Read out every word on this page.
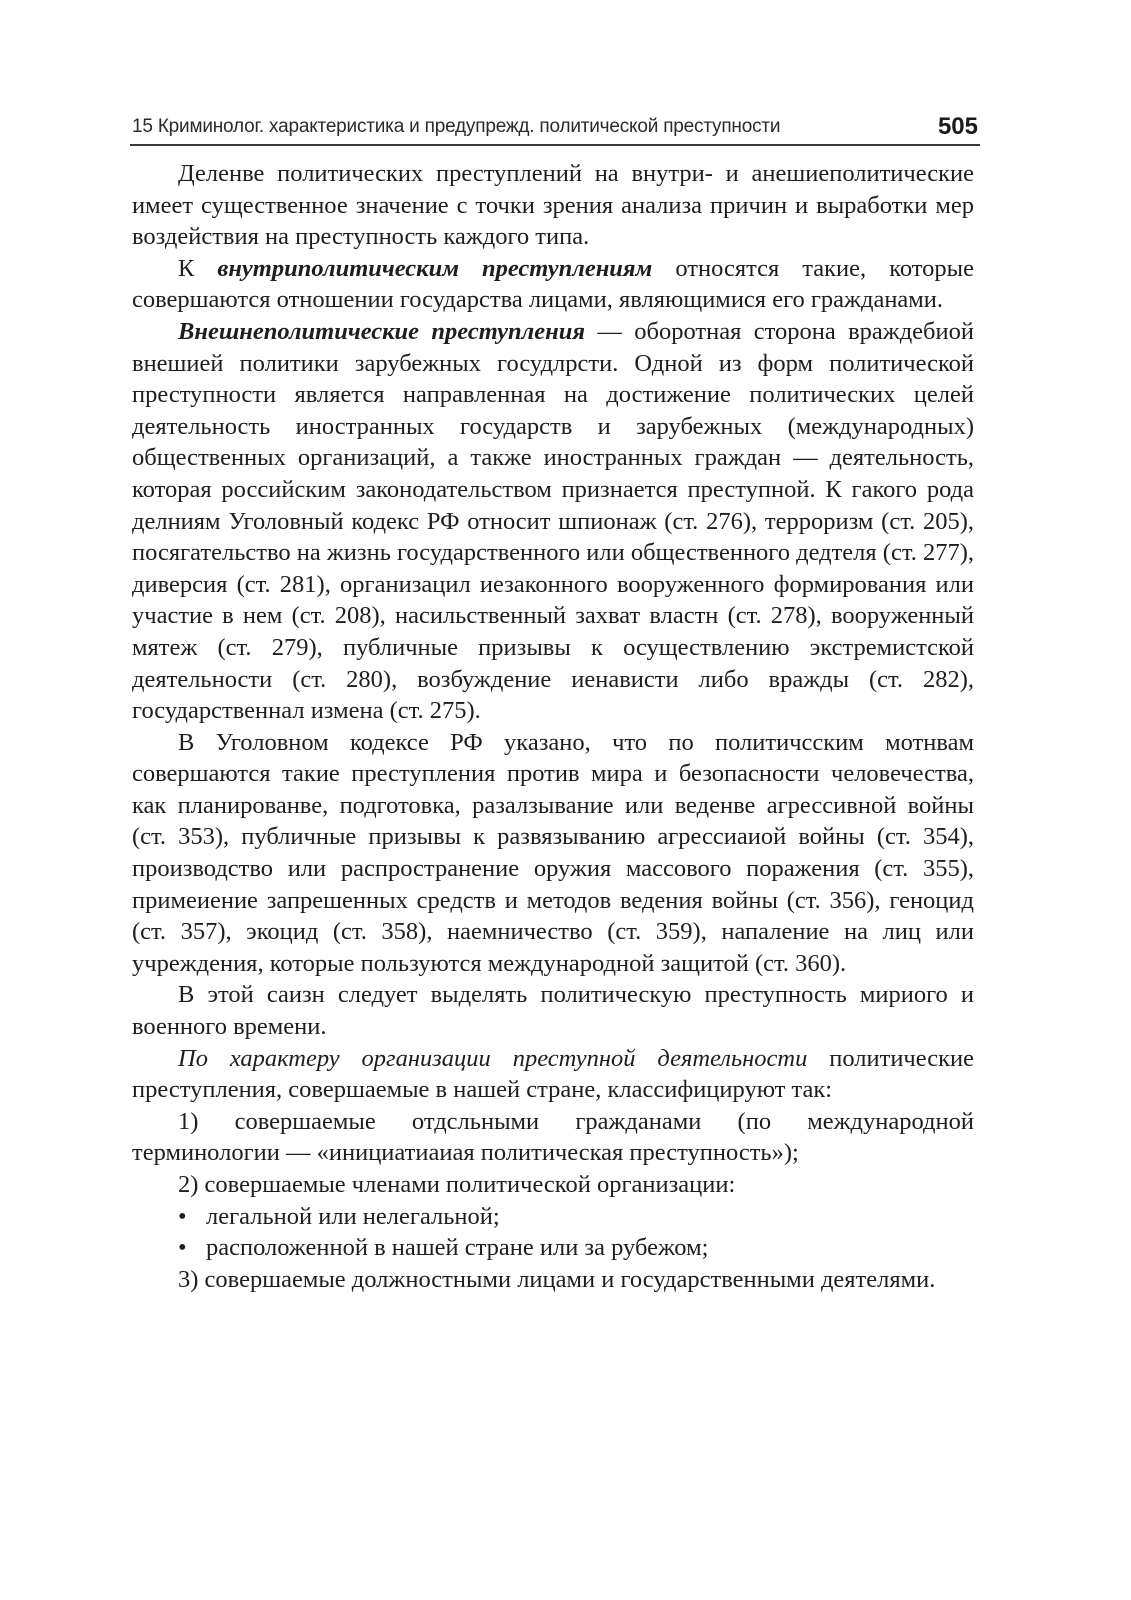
15 Криминолог. характеристика и предупрежд. политической преступности	505

Деленве политических преступлений на внутри- и анешиеполитические имеет существенное значение с точки зрения анализа причин и выработки мер воздействия на преступность каждого типа.

К внутриполитическим преступлениям относятся такие, которые совершаются отношении государства лицами, являющимися его гражданами.

Внешнеполитические преступления — оборотная сторона враждебиой внешией политики зарубежных госудлрсти. Одной из форм политической преступности является направленная на достижение политических целей деятельность иностранных государств и зарубежных (международных) общественных организаций, а также иностранных граждан — деятельность, которая российским законодательством признается преступной. К гакого рода делниям Уголовный кодекс РФ относит шпионаж (ст. 276), терроризм (ст. 205), посягательство на жизнь государственного или общественного дедтеля (ст. 277), диверсия (ст. 281), организацил иезаконного вооруженного формирования или участие в нем (ст. 208), насильственный захват властн (ст. 278), вооруженный мятеж (ст. 279), публичные призывы к осуществлению экстремистской деятельности (ст. 280), возбуждение иенависти либо вражды (ст. 282), государственнал измена (ст. 275).

В Уголовном кодексе РФ указано, что по политичсским мотнвам совершаются такие преступления против мира и безопасности человечества, как планированве, подготовка, разалзывание или веденве агрессивной войны (ст. 353), публичные призывы к развязыванию агрессиаиой войны (ст. 354), производство или распространение оружия массового поражения (ст. 355), примеиение запрешенных средств и методов ведения войны (ст. 356), геноцид (ст. 357), экоцид (ст. 358), наемничество (ст. 359), напаление на лиц или учреждения, которые пользуются международной защитой (ст. 360).

В этой саизн следует выделять политическую преступность мириого и военного времени.

По характеру организации преступной деятельности политические преступления, совершаемые в нашей стране, классифицируют так:

1) совершаемые отдсльными гражданами (по международной терминологии — «инициатиаиая политическая преступность»);

2) совершаемые членами политической организации:

• легальной или нелегальной;
• расположенной в нашей стране или за рубежом;

3) совершаемые должностными лицами и государственными деятелями.
